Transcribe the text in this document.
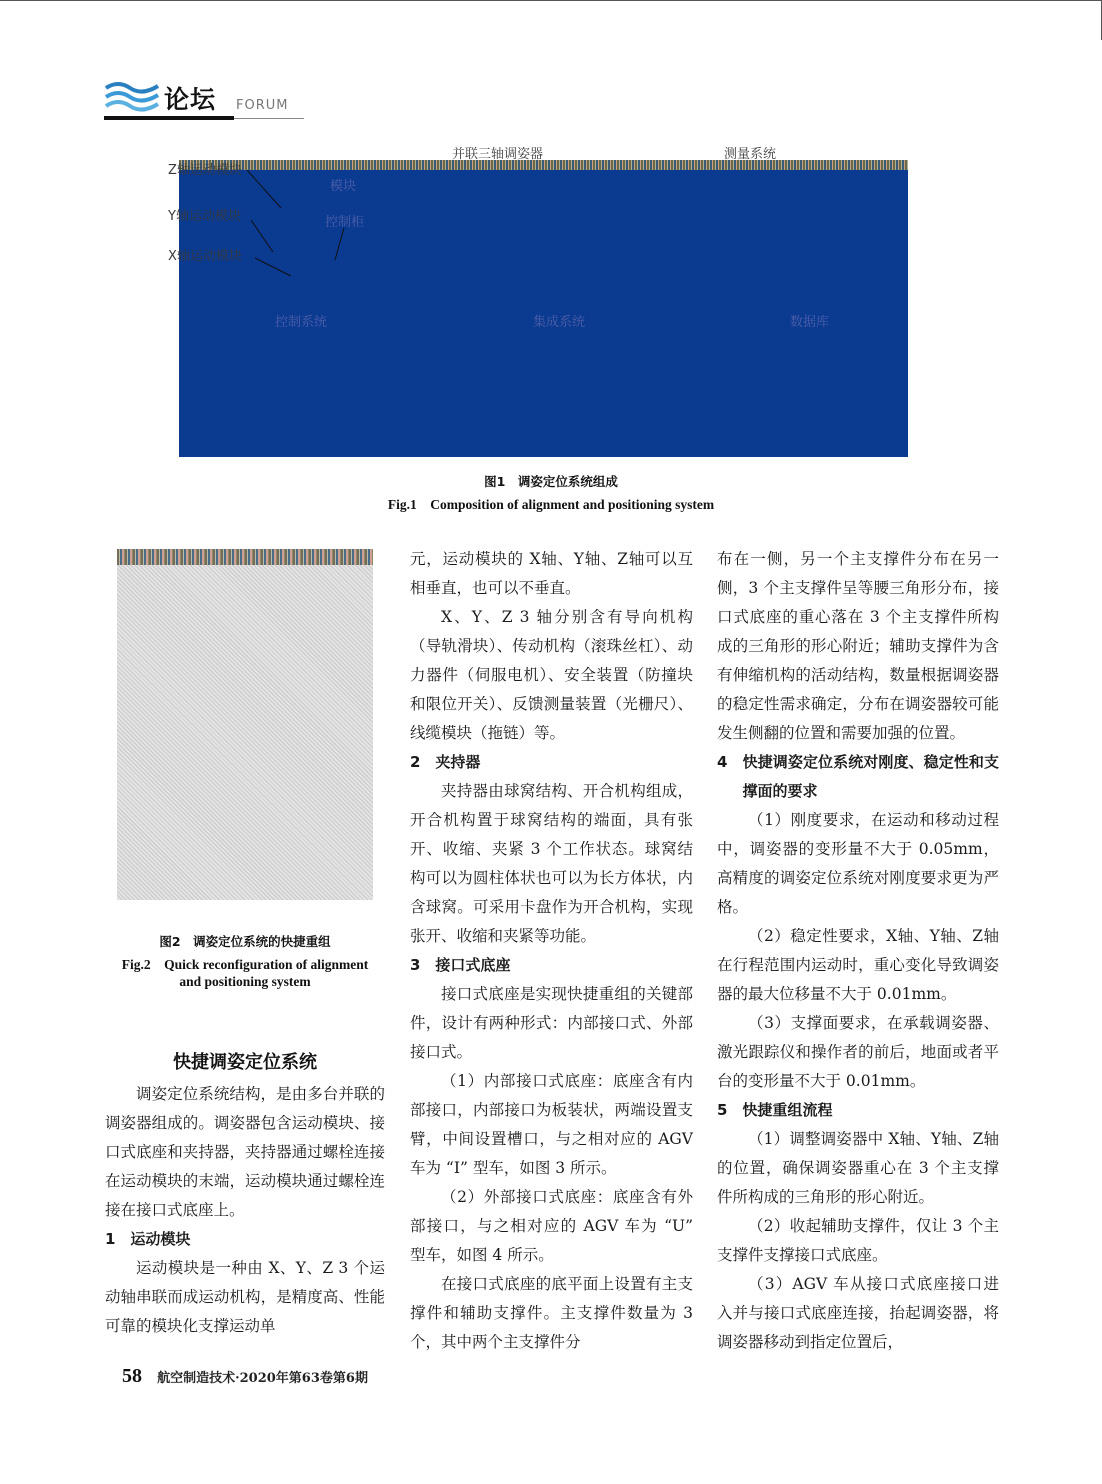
论坛 FORUM
并联三轴调姿器	测量系统
Z轴运动模块
Y轴运动模块
X轴运动模块
模块
控制柜
控制系统	集成系统	数据库
图1　调姿定位系统组成
Fig.1　Composition of alignment and positioning system
图2　调姿定位系统的快捷重组
Fig.2　Quick reconfiguration of alignment
and positioning system
快捷调姿定位系统

调姿定位系统结构，是由多台并联的调姿器组成的。调姿器包含运动模块、接口式底座和夹持器，夹持器通过螺栓连接在运动模块的末端，运动模块通过螺栓连接在接口式底座上。

1　运动模块

运动模块是一种由 X、Y、Z 3 个运动轴串联而成运动机构，是精度高、性能可靠的模块化支撑运动单

元，运动模块的 X轴、Y轴、Z轴可以互相垂直，也可以不垂直。

X、Y、Z 3 轴分别含有导向机构（导轨滑块）、传动机构（滚珠丝杠）、动力器件（伺服电机）、安全装置（防撞块和限位开关）、反馈测量装置（光栅尺）、线缆模块（拖链）等。

2　夹持器

夹持器由球窝结构、开合机构组成，开合机构置于球窝结构的端面，具有张开、收缩、夹紧 3 个工作状态。球窝结构可以为圆柱体状也可以为长方体状，内含球窝。可采用卡盘作为开合机构，实现张开、收缩和夹紧等功能。

3　接口式底座

接口式底座是实现快捷重组的关键部件，设计有两种形式：内部接口式、外部接口式。

（1）内部接口式底座：底座含有内部接口，内部接口为板装状，两端设置支臂，中间设置槽口，与之相对应的 AGV 车为 “I” 型车，如图 3 所示。

（2）外部接口式底座：底座含有外部接口，与之相对应的 AGV 车为 “U” 型车，如图 4 所示。

在接口式底座的底平面上设置有主支撑件和辅助支撑件。主支撑件数量为 3 个，其中两个主支撑件分

布在一侧，另一个主支撑件分布在另一侧，3 个主支撑件呈等腰三角形分布，接口式底座的重心落在 3 个主支撑件所构成的三角形的形心附近；辅助支撑件为含有伸缩机构的活动结构，数量根据调姿器的稳定性需求确定，分布在调姿器较可能发生侧翻的位置和需要加强的位置。

4　快捷调姿定位系统对刚度、稳定性和支撑面的要求

（1）刚度要求，在运动和移动过程中，调姿器的变形量不大于 0.05mm，高精度的调姿定位系统对刚度要求更为严格。

（2）稳定性要求，X轴、Y轴、Z轴在行程范围内运动时，重心变化导致调姿器的最大位移量不大于 0.01mm。

（3）支撑面要求，在承载调姿器、激光跟踪仪和操作者的前后，地面或者平台的变形量不大于 0.01mm。

5　快捷重组流程

（1）调整调姿器中 X轴、Y轴、Z轴的位置，确保调姿器重心在 3 个主支撑件所构成的三角形的形心附近。

（2）收起辅助支撑件，仅让 3 个主支撑件支撑接口式底座。

（3）AGV 车从接口式底座接口进入并与接口式底座连接，抬起调姿器，将调姿器移动到指定位置后，

58 航空制造技术·2020年第63卷第6期
